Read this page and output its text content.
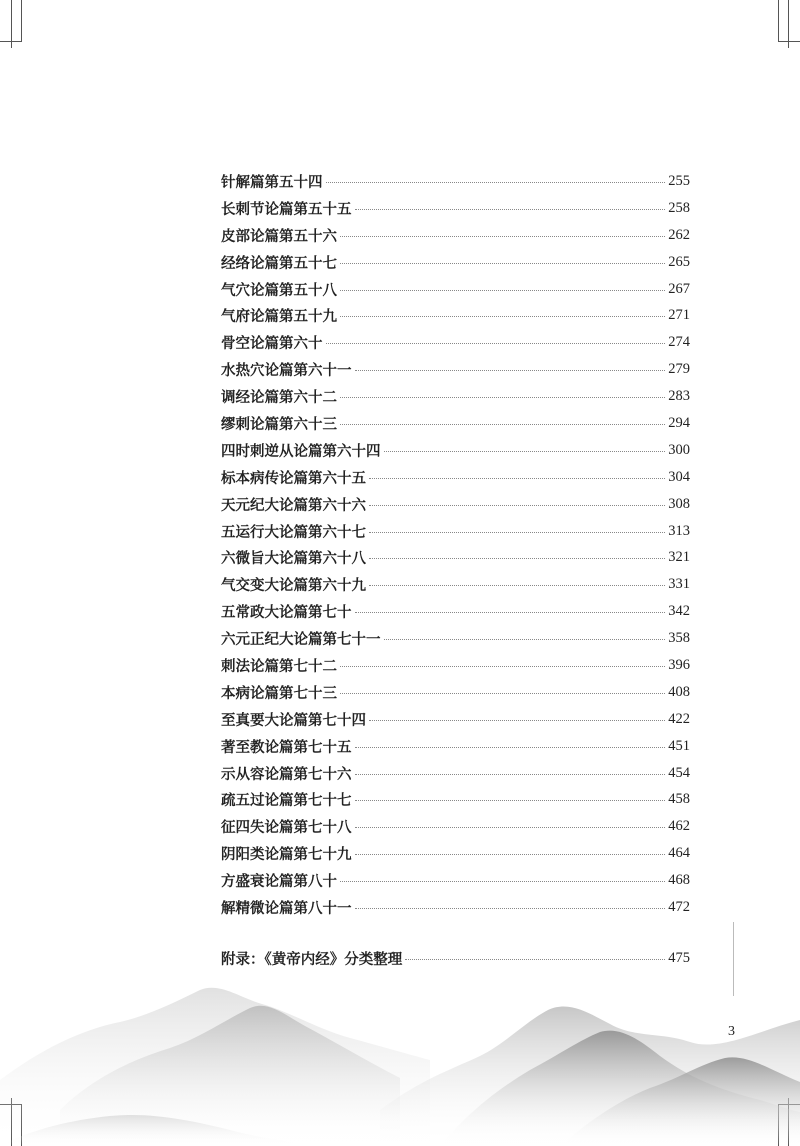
针解篇第五十四	255
长刺节论篇第五十五	258
皮部论篇第五十六	262
经络论篇第五十七	265
气穴论篇第五十八	267
气府论篇第五十九	271
骨空论篇第六十	274
水热穴论篇第六十一	279
调经论篇第六十二	283
缪刺论篇第六十三	294
四时刺逆从论篇第六十四	300
标本病传论篇第六十五	304
天元纪大论篇第六十六	308
五运行大论篇第六十七	313
六微旨大论篇第六十八	321
气交变大论篇第六十九	331
五常政大论篇第七十	342
六元正纪大论篇第七十一	358
刺法论篇第七十二	396
本病论篇第七十三	408
至真要大论篇第七十四	422
著至教论篇第七十五	451
示从容论篇第七十六	454
疏五过论篇第七十七	458
征四失论篇第七十八	462
阴阳类论篇第七十九	464
方盛衰论篇第八十	468
解精微论篇第八十一	472
附录：《黄帝内经》分类整理	475
3
